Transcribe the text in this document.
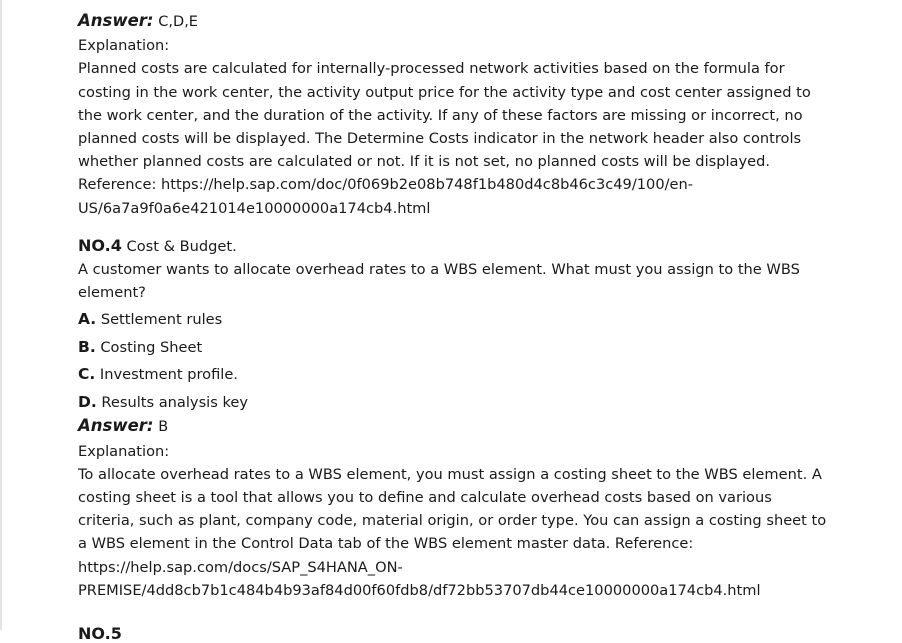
Answer: C,D,E

Explanation:

Planned costs are calculated for internally-processed network activities based on the formula for
costing in the work center, the activity output price for the activity type and cost center assigned to
the work center, and the duration of the activity. If any of these factors are missing or incorrect, no
planned costs will be displayed. The Determine Costs indicator in the network header also controls
whether planned costs are calculated or not. If it is not set, no planned costs will be displayed.
Reference: https://help.sap.com/doc/0f069b2e08b748f1b480d4c8b46c3c49/100/en-
US/6a7a9f0a6e421014e10000000a174cb4.html

NO.4 Cost & Budget.

A customer wants to allocate overhead rates to a WBS element. What must you assign to the WBS
element?

A. Settlement rules
B. Costing Sheet
C. Investment profile.
D. Results analysis key

Answer: B

Explanation:

To allocate overhead rates to a WBS element, you must assign a costing sheet to the WBS element. A
costing sheet is a tool that allows you to define and calculate overhead costs based on various
criteria, such as plant, company code, material origin, or order type. You can assign a costing sheet to
a WBS element in the Control Data tab of the WBS element master data. Reference:
https://help.sap.com/docs/SAP_S4HANA_ON-
PREMISE/4dd8cb7b1c484b4b93af84d00f60fdb8/df72bb53707db44ce10000000a174cb4.html

NO.5
